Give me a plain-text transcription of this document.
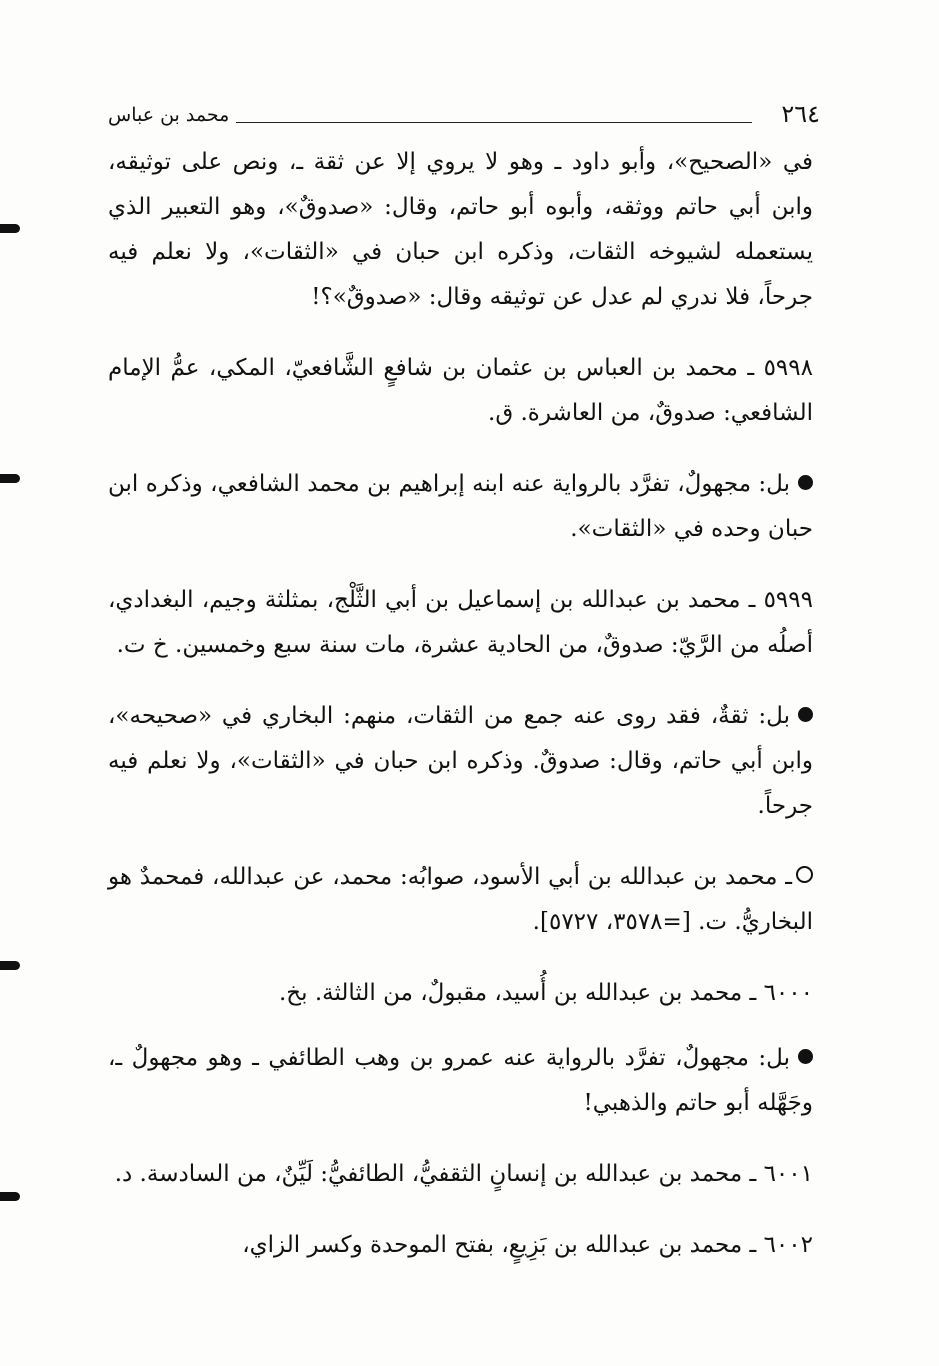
٢٦٤
محمد بن عباس

في «الصحيح»، وأبو داود ـ وهو لا يروي إلا عن ثقة ـ، ونص على توثيقه، وابن أبي حاتم ووثقه، وأبوه أبو حاتم، وقال: «صدوقٌ»، وهو التعبير الذي يستعمله لشيوخه الثقات، وذكره ابن حبان في «الثقات»، ولا نعلم فيه جرحاً، فلا ندري لم عدل عن توثيقه وقال: «صدوقٌ»؟!

٥٩٩٨ ـ محمد بن العباس بن عثمان بن شافعٍ الشَّافعيّ، المكي، عمُّ الإمام الشافعي: صدوقٌ، من العاشرة. ق.

بل: مجهولٌ، تفرَّد بالرواية عنه ابنه إبراهيم بن محمد الشافعي، وذكره ابن حبان وحده في «الثقات».

٥٩٩٩ ـ محمد بن عبدالله بن إسماعيل بن أبي الثَّلْج، بمثلثة وجيم، البغدادي، أصلُه من الرَّيّ: صدوقٌ، من الحادية عشرة، مات سنة سبع وخمسين. خ ت.

بل: ثقةٌ، فقد روى عنه جمع من الثقات، منهم: البخاري في «صحيحه»، وابن أبي حاتم، وقال: صدوقٌ. وذكره ابن حبان في «الثقات»، ولا نعلم فيه جرحاً.

ـ محمد بن عبدالله بن أبي الأسود، صوابُه: محمد، عن عبدالله، فمحمدٌ هو البخاريُّ. ت. [=٣٥٧٨، ٥٧٢٧].

٦٠٠٠ ـ محمد بن عبدالله بن أُسيد، مقبولٌ، من الثالثة. بخ.

بل: مجهولٌ، تفرَّد بالرواية عنه عمرو بن وهب الطائفي ـ وهو مجهولٌ ـ، وجَهَّله أبو حاتم والذهبي!

٦٠٠١ ـ محمد بن عبدالله بن إنسانٍ الثقفيُّ، الطائفيُّ: لَيِّنٌ، من السادسة. د.

٦٠٠٢ ـ محمد بن عبدالله بن بَزِيعٍ، بفتح الموحدة وكسر الزاي،
